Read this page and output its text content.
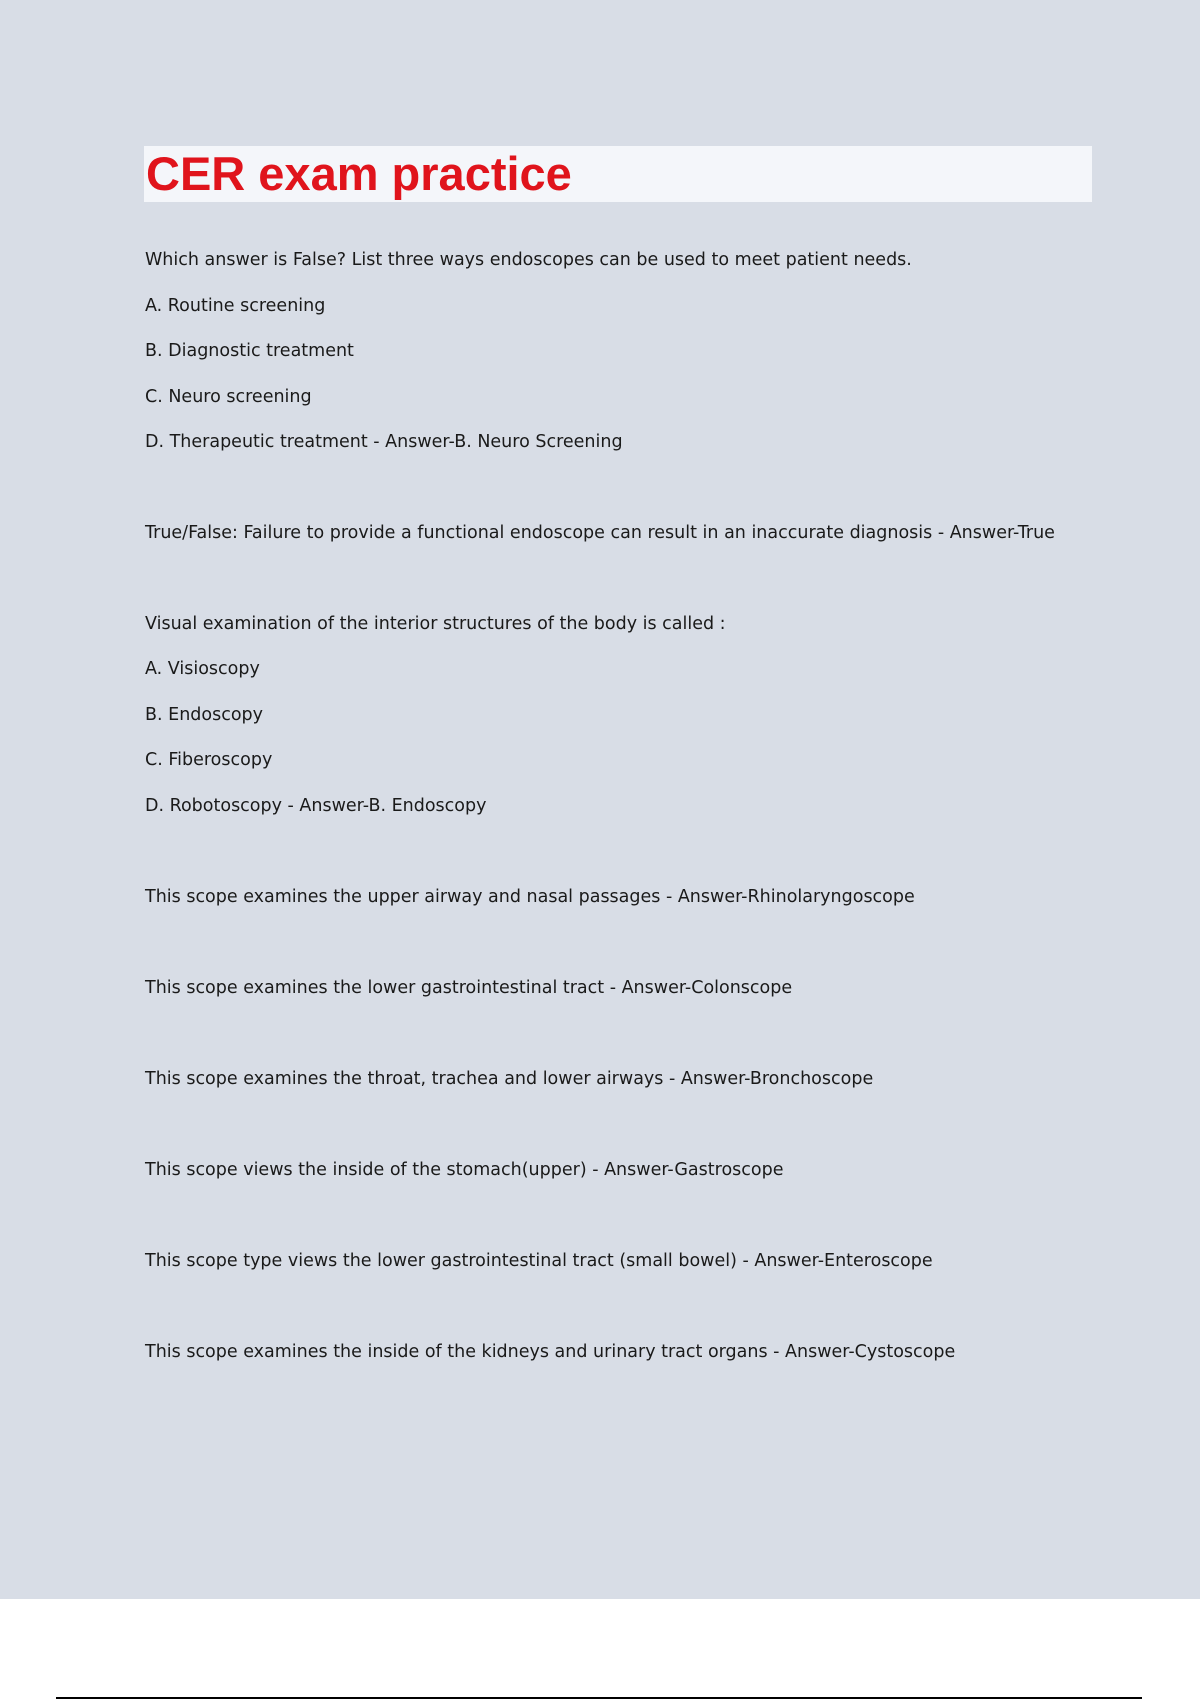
CER exam practice

Which answer is False? List three ways endoscopes can be used to meet patient needs.

A. Routine screening

B. Diagnostic treatment

C. Neuro screening

D. Therapeutic treatment - Answer-B. Neuro Screening

True/False: Failure to provide a functional endoscope can result in an inaccurate diagnosis - Answer-True

Visual examination of the interior structures of the body is called :

A. Visioscopy

B. Endoscopy

C. Fiberoscopy

D. Robotoscopy - Answer-B. Endoscopy

This scope examines the upper airway and nasal passages - Answer-Rhinolaryngoscope

This scope examines the lower gastrointestinal tract - Answer-Colonscope

This scope examines the throat, trachea and lower airways - Answer-Bronchoscope

This scope views the inside of the stomach(upper) - Answer-Gastroscope

This scope type views the lower gastrointestinal tract (small bowel) - Answer-Enteroscope

This scope examines the inside of the kidneys and urinary tract organs - Answer-Cystoscope
